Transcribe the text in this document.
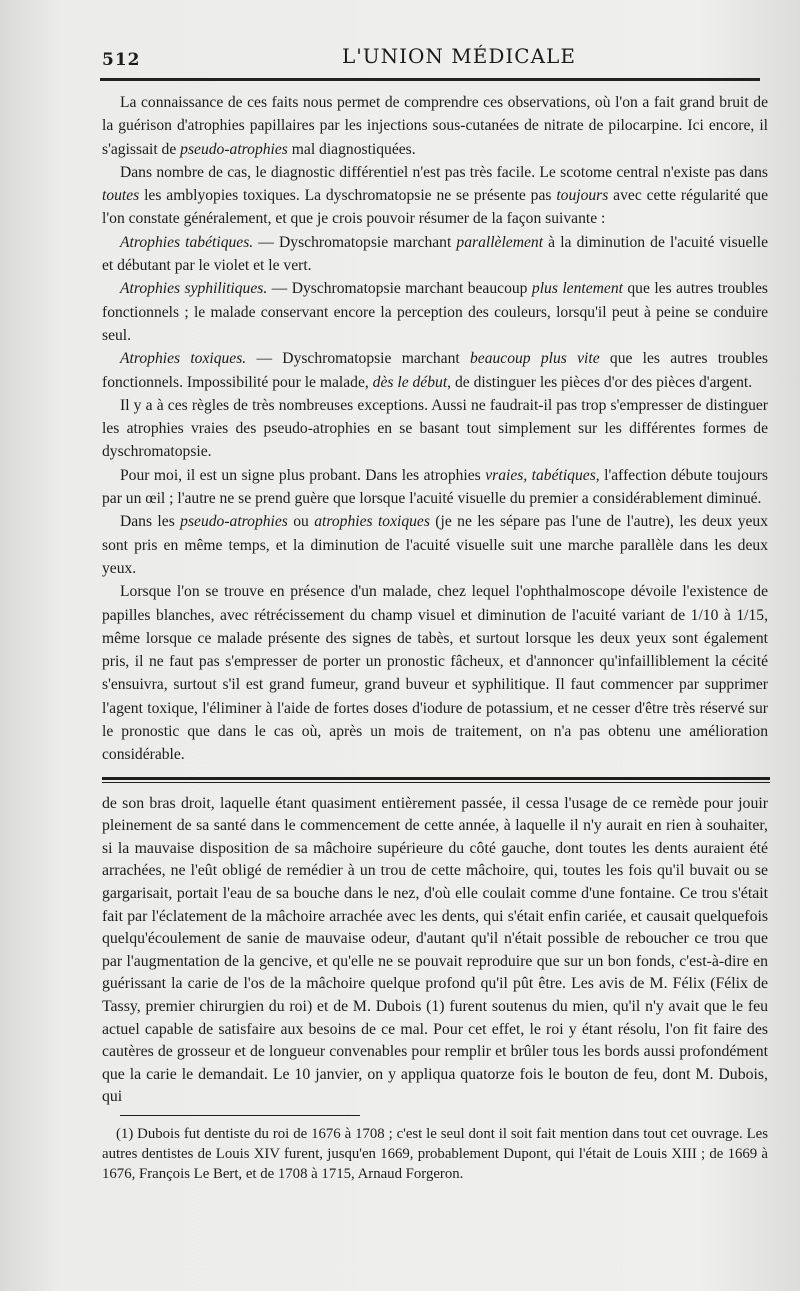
512	L'UNION MÉDICALE

La connaissance de ces faits nous permet de comprendre ces observations, où l'on a fait grand bruit de la guérison d'atrophies papillaires par les injections sous-cutanées de nitrate de pilocarpine. Ici encore, il s'agissait de pseudo-atrophies mal diagnostiquées.

Dans nombre de cas, le diagnostic différentiel n'est pas très facile. Le scotome central n'existe pas dans toutes les amblyopies toxiques. La dyschromatopsie ne se présente pas toujours avec cette régularité que l'on constate généralement, et que je crois pouvoir résumer de la façon suivante :

Atrophies tabétiques. — Dyschromatopsie marchant parallèlement à la diminution de l'acuité visuelle et débutant par le violet et le vert.

Atrophies syphilitiques. — Dyschromatopsie marchant beaucoup plus lentement que les autres troubles fonctionnels ; le malade conservant encore la perception des couleurs, lorsqu'il peut à peine se conduire seul.

Atrophies toxiques. — Dyschromatopsie marchant beaucoup plus vite que les autres troubles fonctionnels. Impossibilité pour le malade, dès le début, de distinguer les pièces d'or des pièces d'argent.

Il y a à ces règles de très nombreuses exceptions. Aussi ne faudrait-il pas trop s'empresser de distinguer les atrophies vraies des pseudo-atrophies en se basant tout simplement sur les différentes formes de dyschromatopsie.

Pour moi, il est un signe plus probant. Dans les atrophies vraies, tabétiques, l'affection débute toujours par un œil ; l'autre ne se prend guère que lorsque l'acuité visuelle du premier a considérablement diminué.

Dans les pseudo-atrophies ou atrophies toxiques (je ne les sépare pas l'une de l'autre), les deux yeux sont pris en même temps, et la diminution de l'acuité visuelle suit une marche parallèle dans les deux yeux.

Lorsque l'on se trouve en présence d'un malade, chez lequel l'ophthalmoscope dévoile l'existence de papilles blanches, avec rétrécissement du champ visuel et diminution de l'acuité variant de 1/10 à 1/15, même lorsque ce malade présente des signes de tabès, et surtout lorsque les deux yeux sont également pris, il ne faut pas s'empresser de porter un pronostic fâcheux, et d'annoncer qu'infailliblement la cécité s'ensuivra, surtout s'il est grand fumeur, grand buveur et syphilitique. Il faut commencer par supprimer l'agent toxique, l'éliminer à l'aide de fortes doses d'iodure de potassium, et ne cesser d'être très réservé sur le pronostic que dans le cas où, après un mois de traitement, on n'a pas obtenu une amélioration considérable.

de son bras droit, laquelle étant quasiment entièrement passée, il cessa l'usage de ce remède pour jouir pleinement de sa santé dans le commencement de cette année, à laquelle il n'y aurait en rien à souhaiter, si la mauvaise disposition de sa mâchoire supérieure du côté gauche, dont toutes les dents auraient été arrachées, ne l'eût obligé de remédier à un trou de cette mâchoire, qui, toutes les fois qu'il buvait ou se gargarisait, portait l'eau de sa bouche dans le nez, d'où elle coulait comme d'une fontaine. Ce trou s'était fait par l'éclatement de la mâchoire arrachée avec les dents, qui s'était enfin cariée, et causait quelquefois quelqu'écoulement de sanie de mauvaise odeur, d'autant qu'il n'était possible de reboucher ce trou que par l'augmentation de la gencive, et qu'elle ne se pouvait reproduire que sur un bon fonds, c'est-à-dire en guérissant la carie de l'os de la mâchoire quelque profond qu'il pût être. Les avis de M. Félix (Félix de Tassy, premier chirurgien du roi) et de M. Dubois (1) furent soutenus du mien, qu'il n'y avait que le feu actuel capable de satisfaire aux besoins de ce mal. Pour cet effet, le roi y étant résolu, l'on fit faire des cautères de grosseur et de longueur convenables pour remplir et brûler tous les bords aussi profondément que la carie le demandait. Le 10 janvier, on y appliqua quatorze fois le bouton de feu, dont M. Dubois, qui

(1) Dubois fut dentiste du roi de 1676 à 1708 ; c'est le seul dont il soit fait mention dans tout cet ouvrage. Les autres dentistes de Louis XIV furent, jusqu'en 1669, probablement Dupont, qui l'était de Louis XIII ; de 1669 à 1676, François Le Bert, et de 1708 à 1715, Arnaud Forgeron.
